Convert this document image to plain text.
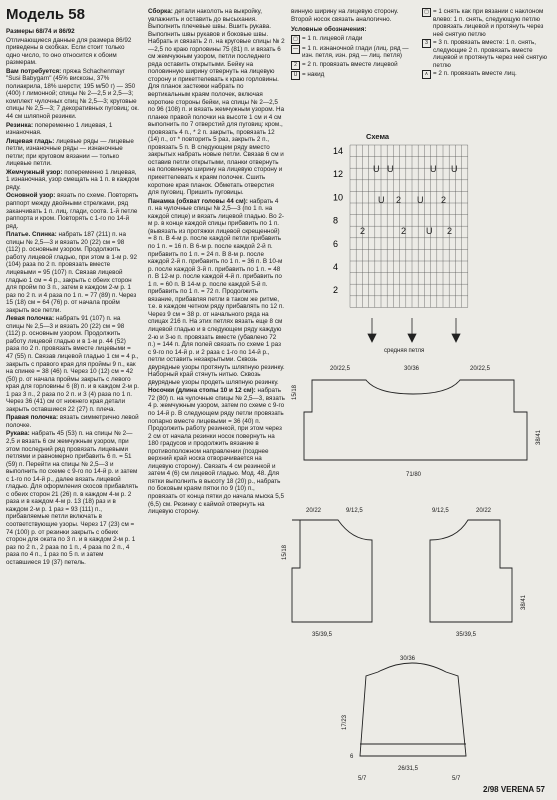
Модель 58

Размеры 68/74 и 86/92

Отличающиеся данные для размера 86/92 приведены в скобках. Если стоит только одно число, то оно относится к обоим размерам.

Вам потребуется: пряжа Schachenmayr "Susi Babygarn" (45% вискозы, 37% полиакрила, 18% шерсти; 195 м/50 г) — 350 (400) г лимонной; спицы № 2—2,5 и 2,5—3; комплект чулочных спиц № 2,5—3; круговые спицы № 2,5—3; 7 декоративных пуговиц; ок. 44 см шляпной резинки.

Резинка: попеременно 1 лицевая, 1 изнаночная.

Лицевая гладь: лицевые ряды — лицевые петли, изнаночные ряды — изнаночные петли; при круговом вязании — только лицевые петли.

Жемчужный узор: попеременно 1 лицевая, 1 изнаночная, узор смещать на 1 п. в каждом ряду.

Основной узор: вязать по схеме. Повторять раппорт между двойными стрелками, ряд заканчивать 1 п. лиц. глади, соотв. 1-й петле раппорта и кром. Повторять с 1-го по 14-й ряд.

Платье. Спинка: набрать 187 (211) п. на спицы № 2,5—3 и вязать 20 (22) см = 98 (112) р. основным узором. Продолжить работу лицевой гладью, при этом в 1-м р. 92 (104) раза по 2 п. провязать вместе лицевыми = 95 (107) п. Связав лицевой гладью 1 см = 4 р., закрыть с обеих сторон для пройм по 3 п., затем в каждом 2-м р. 1 раз по 2 п. и 4 раза по 1 п. = 77 (89) п. Через 15 (18) см = 64 (76) р. от начала пройм закрыть все петли.

Левая полочка: набрать 91 (107) п. на спицы № 2,5—3 и вязать 20 (22) см = 98 (112) р. основным узором. Продолжить работу лицевой гладью и в 1-м р. 44 (52) раза по 2 п. провязать вместе лицевыми = 47 (55) п. Связав лицевой гладью 1 см = 4 р., закрыть с правого края для проймы 9 п., как на спинке = 38 (46) п. Через 10 (12) см = 42 (50) р. от начала проймы закрыть с левого края для горловины 6 (8) п. и в каждом 2-м р. 1 раз 3 п., 2 раза по 2 п. и 3 (4) раза по 1 п. Через 36 (41) см от нижнего края детали закрыть оставшиеся 22 (27) п. плеча.

Правая полочка: вязать симметрично левой полочке.

Рукава: набрать 45 (53) п. на спицы № 2—2,5 и вязать 6 см жемчужным узором, при этом последний ряд провязать лицевыми петлями и равномерно прибавить 6 п. = 51 (59) п. Перейти на спицы № 2,5—3 и выполнить по схеме с 9-го по 14-й р. и затем с 1-го по 14-й р., далее вязать лицевой гладью. Для оформления скосов прибавлять с обеих сторон 21 (26) п. в каждом 4-м р. 2 раза и в каждом 4-м р. 13 (18) раз и в каждом 2-м р. 1 раз = 93 (111) п., прибавляемые петли включать в соответствующие узоры. Через 17 (23) см = 74 (100) р. от резинки закрыть с обеих сторон для оката по 3 п. и в каждом 2-м р. 1 раз по 2 п., 2 раза по 1 п., 4 раза по 2 п., 4 раза по 4 п., 1 раз по 5 п. и затем оставшиеся 19 (37) петель.

Сборка: детали наколоть на выкройку, увлажнить и оставить до высыхания. Выполнить плечевые швы. Вшить рукава. Выполнить швы рукавов и боковые швы. Набрать и связать 2 п. на круговые спицы № 2—2,5 по краю горловины 75 (81) п. и вязать 6 см жемчужным узором, петли последнего ряда оставить открытыми. Бейку на половинную ширину отвернуть на лицевую сторону и прикеттелевать к краю горловины. Для планок застежки набрать по вертикальным краям полочек, включая короткие стороны бейки, на спицы № 2—2,5 по 96 (108) п. и вязать жемчужным узором. На планке правой полочки на высоте 1 см и 4 см выполнить по 7 отверстий для пуговиц: кром., провязать 4 п., * 2 п. закрыть, провязать 12 (14) п., от * повторить 5 раз, закрыть 2 п., провязать 5 п. В следующем ряду вместо закрытых набрать новые петли. Связав 6 см и оставив петли открытыми, планки отвернуть на половинную ширину на лицевую сторону и прикеттелевать к краям полочек. Сшить короткие края планок. Обметать отверстия для пуговиц. Пришить пуговицы.

Панамка (обхват головы 44 см): набрать 4 п. на чулочные спицы № 2,5—3 (по 1 п. на каждой спице) и вязать лицевой гладью. Во 2-м р. в конце каждой спицы прибавить по 1 п. (вывязать из протяжки лицевой скрещенной) = 8 п. В 4-м р. после каждой петли прибавить по 1 п. = 16 п. В 6-м р. после каждой 2-й п. прибавить по 1 п. = 24 п. В 8-м р. после каждой 2-й п. прибавить по 1 п. = 36 п. В 10-м р. после каждой 3-й п. прибавить по 1 п. = 48 п. В 12-м р. после каждой 4-й п. прибавить по 1 п. = 60 п. В 14-м р. после каждой 5-й п. прибавить по 1 п. = 72 п. Продолжить вязание, прибавляя петли в таком же ритме, т.е. в каждом четном ряду прибавлять по 12 п. Через 9 см = 38 р. от начального ряда на спицах 216 п. На этих петлях вязать еще 8 см лицевой гладью и в следующем ряду каждую 2-ю и 3-ю п. провязать вместе (убавлено 72 п.) = 144 п. Для полей связать по схеме 1 раз с 9-го по 14-й р. и 2 раза с 1-го по 14-й р., петли оставить незакрытыми. Сквозь двурядные узоры протянуть шляпную резинку. Наборный край стянуть нитью. Сквозь двурядные узоры продеть шляпную резинку.

Носочки (длина стопы 10 и 12 см): набрать 72 (80) п. на чулочные спицы № 2,5—3, вязать 4 р. жемчужным узором, затем по схеме с 9-го по 14-й р. В следующем ряду петли провязать попарно вместе лицевыми = 36 (40) п. Продолжить работу резинкой, при этом через 2 см от начала резинки носок повернуть на 180 градусов и продолжить вязание в противоположном направлении (позднее верхний край носка отворачивается на лицевую сторону). Связать 4 см резинкой и затем 4 (6) см лицевой гладью. Мод. 48. Для пятки выполнить в высоту 18 (20) р., набрать по боковым краям пятки по 9 (10) п., провязать от конца пятки до начала мыска 5,5 (6,5) см. Резинку с каймой отвернуть на лицевую сторону.

винную ширину на лицевую сторону. Второй носок связать аналогично.

Условные обозначения:

▢ = 1 п. лицевой глади
— = 1 п. изнаночной глади (лиц. ряд — изн. петля, изн. ряд — лиц. петля)
2 = 2 п. провязать вместе лицевой
U = накид
▢ = 1 снять как при вязании с наклоном влево: 1 п. снять, следующую петлю провязать лицевой и протянуть через неё снятую петлю
3 = 3 п. провязать вместе: 1 п. снять, следующие 2 п. провязать вместе лицевой и протянуть через неё снятую петлю
∧ = 2 п. провязать вместе лиц.
Схема
14
12
10
8
6
4
2
U U	U U
U 2 U 2
2	2 U 2
средняя петля
20/22,5	20/22,5
30/36
71/80
15/18
38/41
20/22	9/12,5	20/22
9/12,5
35/39,5	35/39,5
15/18
38/41
30/36
26/31,5
17/23
6
5/7	5/7
2/98 VERENA 57
